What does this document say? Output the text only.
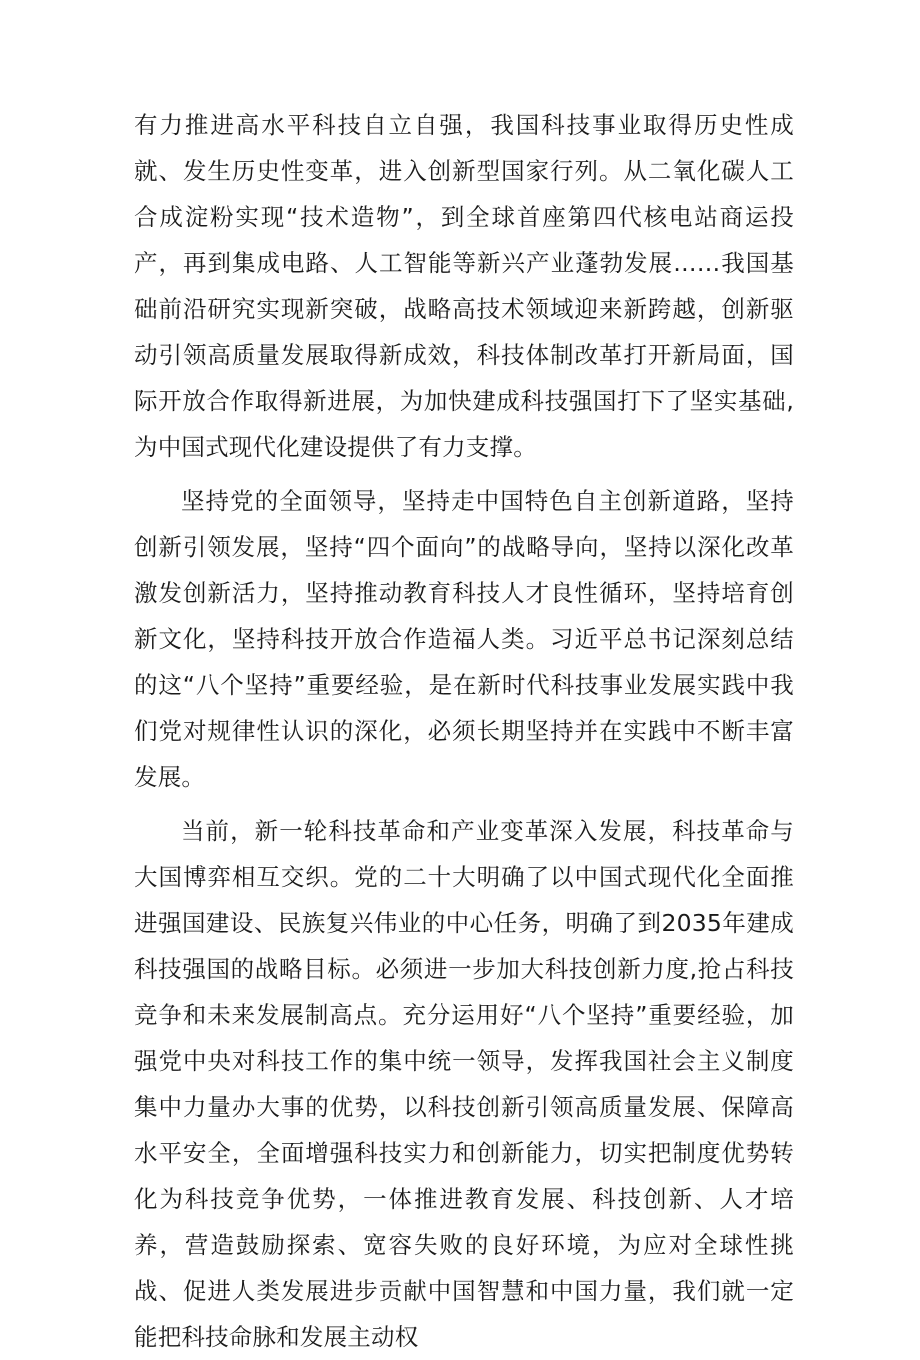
有力推进高水平科技自立自强，我国科技事业取得历史性成就、发生历史性变革，进入创新型国家行列。从二氧化碳人工合成淀粉实现“技术造物”，到全球首座第四代核电站商运投产，再到集成电路、人工智能等新兴产业蓬勃发展……我国基础前沿研究实现新突破，战略高技术领域迎来新跨越，创新驱动引领高质量发展取得新成效，科技体制改革打开新局面，国际开放合作取得新进展，为加快建成科技强国打下了坚实基础,为中国式现代化建设提供了有力支撑。

坚持党的全面领导，坚持走中国特色自主创新道路，坚持创新引领发展，坚持“四个面向”的战略导向，坚持以深化改革激发创新活力，坚持推动教育科技人才良性循环，坚持培育创新文化，坚持科技开放合作造福人类。习近平总书记深刻总结的这“八个坚持”重要经验，是在新时代科技事业发展实践中我们党对规律性认识的深化，必须长期坚持并在实践中不断丰富发展。

当前，新一轮科技革命和产业变革深入发展，科技革命与大国博弈相互交织。党的二十大明确了以中国式现代化全面推进强国建设、民族复兴伟业的中心任务，明确了到2035年建成科技强国的战略目标。必须进一步加大科技创新力度,抢占科技竞争和未来发展制高点。充分运用好“八个坚持”重要经验，加强党中央对科技工作的集中统一领导，发挥我国社会主义制度集中力量办大事的优势，以科技创新引领高质量发展、保障高水平安全，全面增强科技实力和创新能力，切实把制度优势转化为科技竞争优势，一体推进教育发展、科技创新、人才培养，营造鼓励探索、宽容失败的良好环境，为应对全球性挑战、促进人类发展进步贡献中国智慧和中国力量，我们就一定能把科技命脉和发展主动权
